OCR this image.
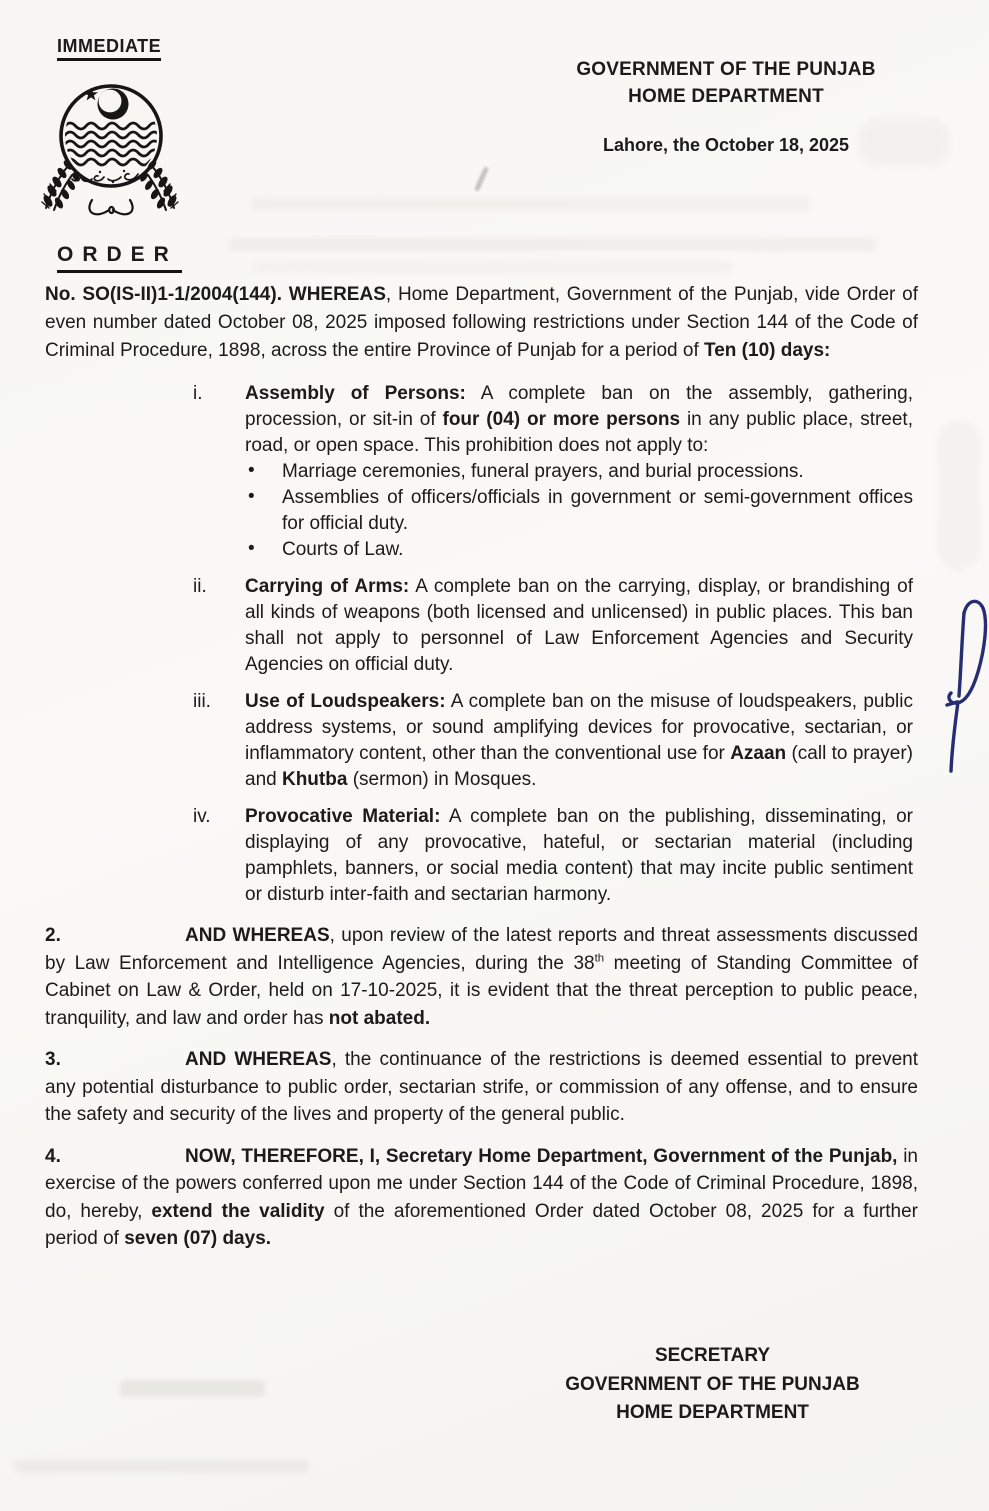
IMMEDIATE
GOVERNMENT OF THE PUNJAB
HOME DEPARTMENT
Lahore, the October 18, 2025
ORDER

No. SO(IS-II)1-1/2004(144). WHEREAS, Home Department, Government of the Punjab, vide Order of even number dated October 08, 2025 imposed following restrictions under Section 144 of the Code of Criminal Procedure, 1898, across the entire Province of Punjab for a period of Ten (10) days:

i. Assembly of Persons: A complete ban on the assembly, gathering, procession, or sit-in of four (04) or more persons in any public place, street, road, or open space. This prohibition does not apply to:
• Marriage ceremonies, funeral prayers, and burial processions.
• Assemblies of officers/officials in government or semi-government offices for official duty.
• Courts of Law.
ii. Carrying of Arms: A complete ban on the carrying, display, or brandishing of all kinds of weapons (both licensed and unlicensed) in public places. This ban shall not apply to personnel of Law Enforcement Agencies and Security Agencies on official duty.
iii. Use of Loudspeakers: A complete ban on the misuse of loudspeakers, public address systems, or sound amplifying devices for provocative, sectarian, or inflammatory content, other than the conventional use for Azaan (call to prayer) and Khutba (sermon) in Mosques.
iv. Provocative Material: A complete ban on the publishing, disseminating, or displaying of any provocative, hateful, or sectarian material (including pamphlets, banners, or social media content) that may incite public sentiment or disturb inter-faith and sectarian harmony.
2.	AND WHEREAS, upon review of the latest reports and threat assessments discussed by Law Enforcement and Intelligence Agencies, during the 38th meeting of Standing Committee of Cabinet on Law & Order, held on 17-10-2025, it is evident that the threat perception to public peace, tranquility, and law and order has not abated.

3.	AND WHEREAS, the continuance of the restrictions is deemed essential to prevent any potential disturbance to public order, sectarian strife, or commission of any offense, and to ensure the safety and security of the lives and property of the general public.

4.	NOW, THEREFORE, I, Secretary Home Department, Government of the Punjab, in exercise of the powers conferred upon me under Section 144 of the Code of Criminal Procedure, 1898, do, hereby, extend the validity of the aforementioned Order dated October 08, 2025 for a further period of seven (07) days.

SECRETARY
GOVERNMENT OF THE PUNJAB
HOME DEPARTMENT
